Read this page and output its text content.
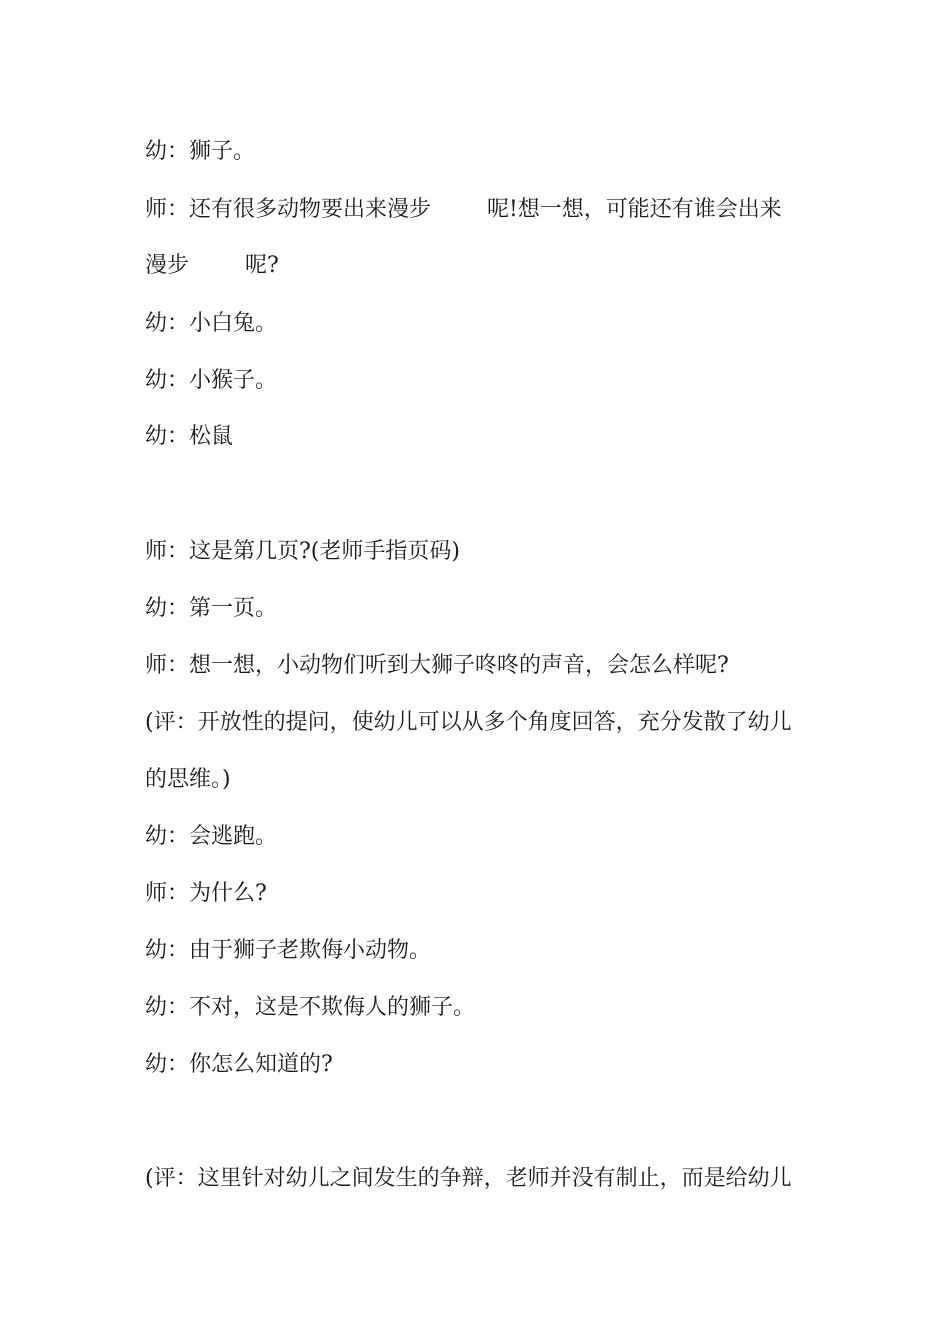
幼：狮子。
师：还有很多动物要出来漫步        呢!想一想，可能还有谁会出来
漫步        呢?
幼：小白兔。
幼：小猴子。
幼：松鼠
师：这是第几页?(老师手指页码)
幼：第一页。
师：想一想，小动物们听到大狮子咚咚的声音，会怎么样呢?
(评：开放性的提问，使幼儿可以从多个角度回答，充分发散了幼儿
的思维。)
幼：会逃跑。
师：为什么?
幼：由于狮子老欺侮小动物。
幼：不对，这是不欺侮人的狮子。
幼：你怎么知道的?
(评：这里针对幼儿之间发生的争辩，老师并没有制止，而是给幼儿
